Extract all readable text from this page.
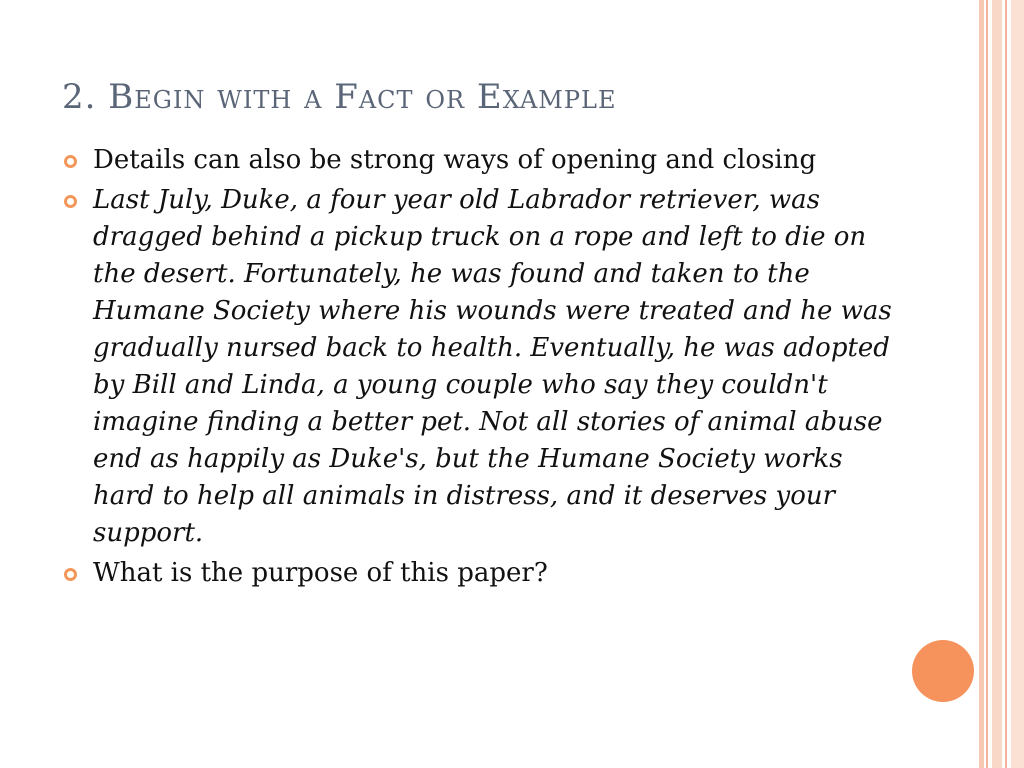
2. Begin with a Fact or Example
Details can also be strong ways of opening and closing
Last July, Duke, a four year old Labrador retriever, was dragged behind a pickup truck on a rope and left to die on the desert. Fortunately, he was found and taken to the Humane Society where his wounds were treated and he was gradually nursed back to health. Eventually, he was adopted by Bill and Linda, a young couple who say they couldn't imagine finding a better pet. Not all stories of animal abuse end as happily as Duke's, but the Humane Society works hard to help all animals in distress, and it deserves your support.
What is the purpose of this paper?
